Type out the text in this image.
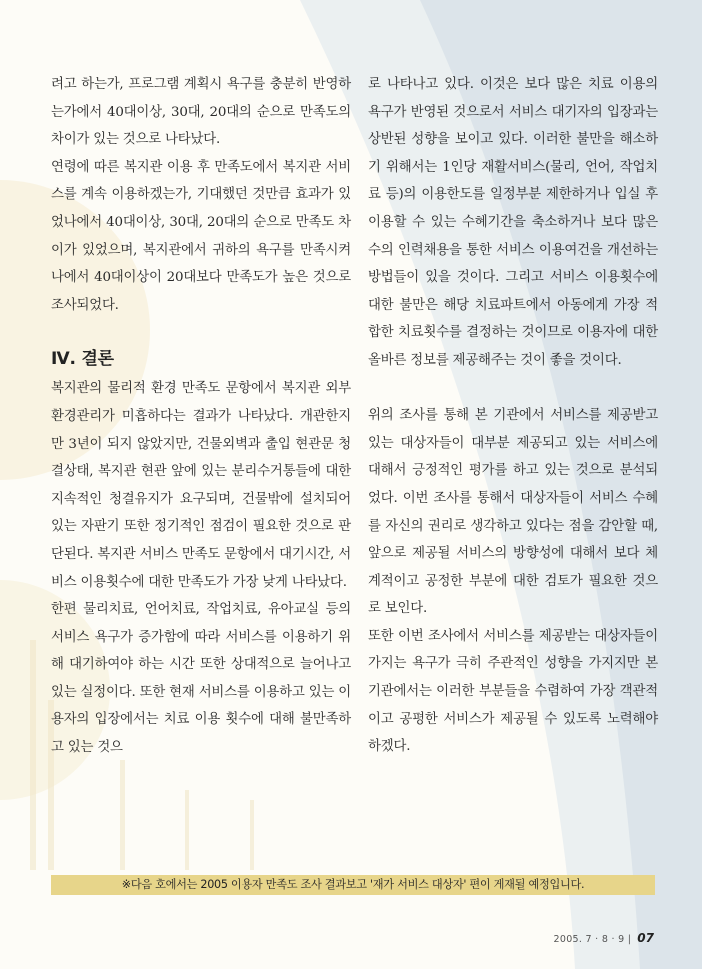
려고 하는가, 프로그램 계획시 욕구를 충분히 반영하는가에서 40대이상, 30대, 20대의 순으로 만족도의 차이가 있는 것으로 나타났다.

연령에 따른 복지관 이용 후 만족도에서 복지관 서비스를 계속 이용하겠는가, 기대했던 것만큼 효과가 있었나에서 40대이상, 30대, 20대의 순으로 만족도 차이가 있었으며, 복지관에서 귀하의 욕구를 만족시켜나에서 40대이상이 20대보다 만족도가 높은 것으로 조사되었다.

Ⅳ. 결론

복지관의 물리적 환경 만족도 문항에서 복지관 외부 환경관리가 미흡하다는 결과가 나타났다. 개관한지 만 3년이 되지 않았지만, 건물외벽과 출입 현관문 청결상태, 복지관 현관 앞에 있는 분리수거통들에 대한 지속적인 청결유지가 요구되며, 건물밖에 설치되어 있는 자판기 또한 정기적인 점검이 필요한 것으로 판단된다. 복지관 서비스 만족도 문항에서 대기시간, 서비스 이용횟수에 대한 만족도가 가장 낮게 나타났다.

한편 물리치료, 언어치료, 작업치료, 유아교실 등의 서비스 욕구가 증가함에 따라 서비스를 이용하기 위해 대기하여야 하는 시간 또한 상대적으로 늘어나고 있는 실정이다. 또한 현재 서비스를 이용하고 있는 이용자의 입장에서는 치료 이용 횟수에 대해 불만족하고 있는 것으

로 나타나고 있다. 이것은 보다 많은 치료 이용의 욕구가 반영된 것으로서 서비스 대기자의 입장과는 상반된 성향을 보이고 있다. 이러한 불만을 해소하기 위해서는 1인당 재활서비스(물리, 언어, 작업치료 등)의 이용한도를 일정부분 제한하거나 입실 후 이용할 수 있는 수혜기간을 축소하거나 보다 많은 수의 인력채용을 통한 서비스 이용여건을 개선하는 방법들이 있을 것이다. 그리고 서비스 이용횟수에 대한 불만은 해당 치료파트에서 아동에게 가장 적합한 치료횟수를 결정하는 것이므로 이용자에 대한 올바른 정보를 제공해주는 것이 좋을 것이다.

위의 조사를 통해 본 기관에서 서비스를 제공받고 있는 대상자들이 대부분 제공되고 있는 서비스에 대해서 긍정적인 평가를 하고 있는 것으로 분석되었다. 이번 조사를 통해서 대상자들이 서비스 수혜를 자신의 권리로 생각하고 있다는 점을 감안할 때, 앞으로 제공될 서비스의 방향성에 대해서 보다 체계적이고 공정한 부분에 대한 검토가 필요한 것으로 보인다.

또한 이번 조사에서 서비스를 제공받는 대상자들이 가지는 욕구가 극히 주관적인 성향을 가지지만 본 기관에서는 이러한 부분들을 수렴하여 가장 객관적이고 공평한 서비스가 제공될 수 있도록 노력해야 하겠다.

※다음 호에서는 2005 이용자 만족도 조사 결과보고 '재가 서비스 대상자' 편이 게재될 예정입니다.
2005. 7 · 8 · 9 | 07
